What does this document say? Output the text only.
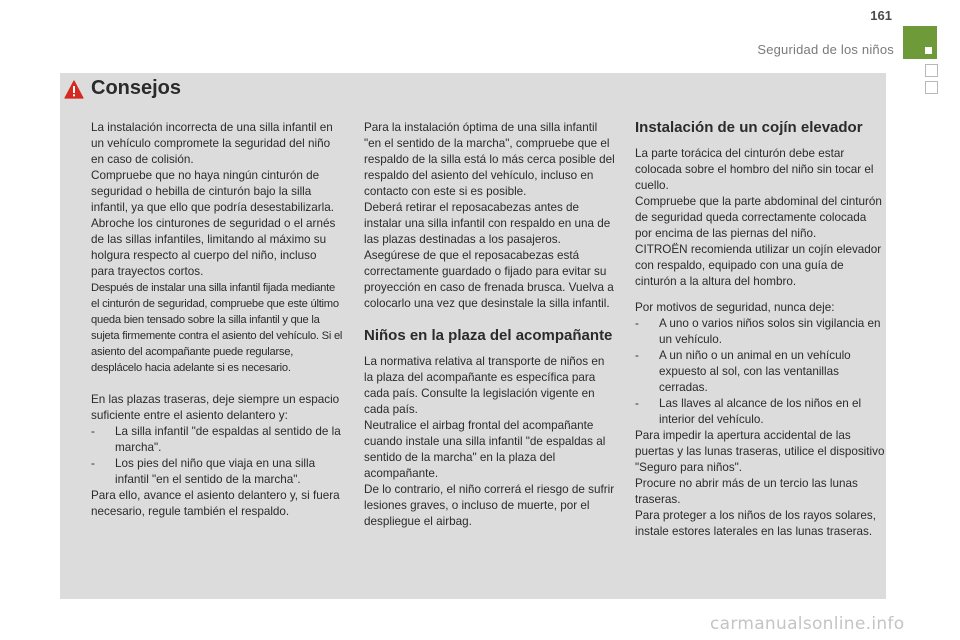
161
Seguridad de los niños
Consejos

La instalación incorrecta de una silla infantil en un vehículo compromete la seguridad del niño en caso de colisión.

Compruebe que no haya ningún cinturón de seguridad o hebilla de cinturón bajo la silla infantil, ya que ello que podría desestabilizarla.

Abroche los cinturones de seguridad o el arnés de las sillas infantiles, limitando al máximo su holgura respecto al cuerpo del niño, incluso para trayectos cortos.

Después de instalar una silla infantil fijada mediante el cinturón de seguridad, compruebe que este último queda bien tensado sobre la silla infantil y que la sujeta firmemente contra el asiento del vehículo. Si el asiento del acompañante puede regularse, desplácelo hacia adelante si es necesario.

En las plazas traseras, deje siempre un espacio suficiente entre el asiento delantero y:

- La silla infantil "de espaldas al sentido de la marcha".

- Los pies del niño que viaja en una silla infantil "en el sentido de la marcha".

Para ello, avance el asiento delantero y, si fuera necesario, regule también el respaldo.

Para la instalación óptima de una silla infantil "en el sentido de la marcha", compruebe que el respaldo de la silla está lo más cerca posible del respaldo del asiento del vehículo, incluso en contacto con este si es posible.

Deberá retirar el reposacabezas antes de instalar una silla infantil con respaldo en una de las plazas destinadas a los pasajeros.

Asegúrese de que el reposacabezas está correctamente guardado o fijado para evitar su proyección en caso de frenada brusca. Vuelva a colocarlo una vez que desinstale la silla infantil.

Niños en la plaza del acompañante

La normativa relativa al transporte de niños en la plaza del acompañante es específica para cada país. Consulte la legislación vigente en cada país.

Neutralice el airbag frontal del acompañante cuando instale una silla infantil "de espaldas al sentido de la marcha" en la plaza del acompañante.

De lo contrario, el niño correrá el riesgo de sufrir lesiones graves, o incluso de muerte, por el despliegue el airbag.

Instalación de un cojín elevador

La parte torácica del cinturón debe estar colocada sobre el hombro del niño sin tocar el cuello.

Compruebe que la parte abdominal del cinturón de seguridad queda correctamente colocada por encima de las piernas del niño.

CITROËN recomienda utilizar un cojín elevador con respaldo, equipado con una guía de cinturón a la altura del hombro.

Por motivos de seguridad, nunca deje:

- A uno o varios niños solos sin vigilancia en un vehículo.

- A un niño o un animal en un vehículo expuesto al sol, con las ventanillas cerradas.

- Las llaves al alcance de los niños en el interior del vehículo.

Para impedir la apertura accidental de las puertas y las lunas traseras, utilice el dispositivo "Seguro para niños".

Procure no abrir más de un tercio las lunas traseras.

Para proteger a los niños de los rayos solares, instale estores laterales en las lunas traseras.

carmanualsonline.info
